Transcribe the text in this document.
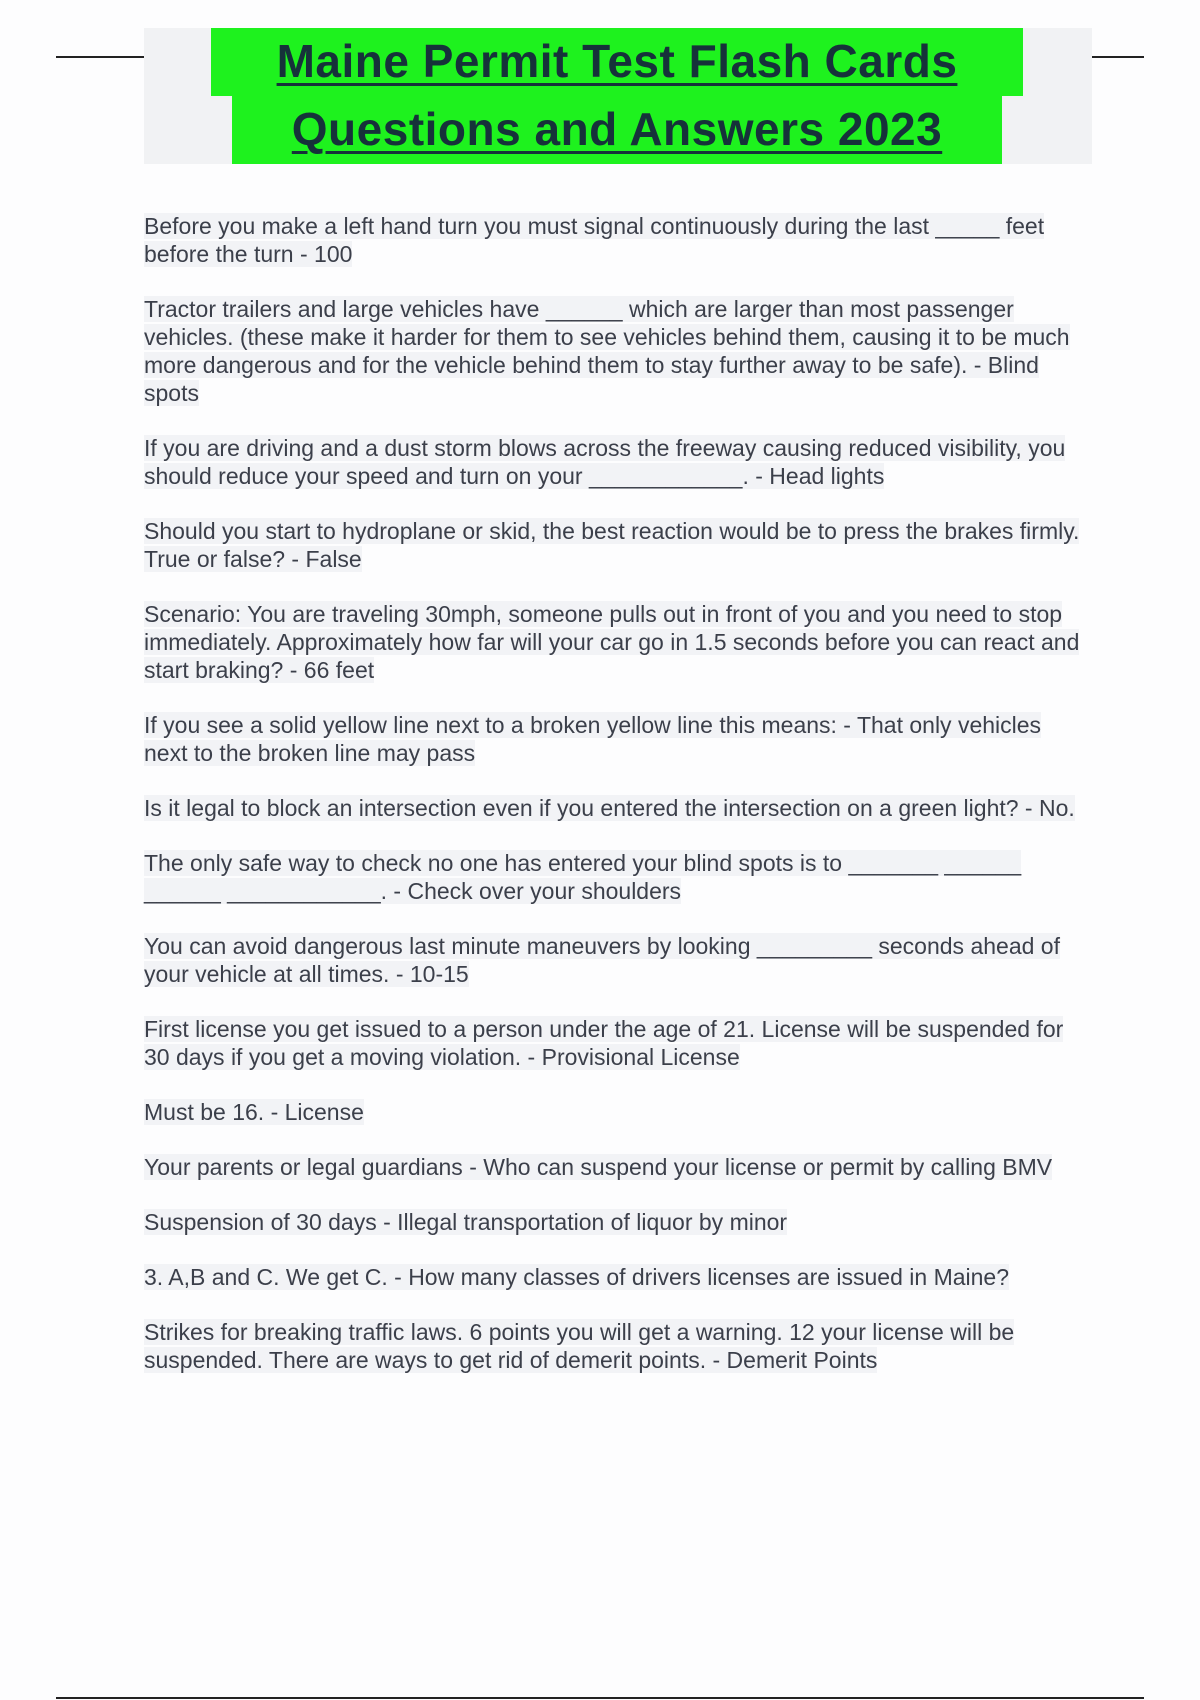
Maine Permit Test Flash Cards
Questions and Answers 2023
Before you make a left hand turn you must signal continuously during the last _____ feet before the turn - 100
Tractor trailers and large vehicles have ______ which are larger than most passenger vehicles. (these make it harder for them to see vehicles behind them, causing it to be much more dangerous and for the vehicle behind them to stay further away to be safe). - Blind spots
If you are driving and a dust storm blows across the freeway causing reduced visibility, you should reduce your speed and turn on your ____________. - Head lights
Should you start to hydroplane or skid, the best reaction would be to press the brakes firmly. True or false? - False
Scenario: You are traveling 30mph, someone pulls out in front of you and you need to stop immediately. Approximately how far will your car go in 1.5 seconds before you can react and start braking? - 66 feet
If you see a solid yellow line next to a broken yellow line this means: - That only vehicles next to the broken line may pass
Is it legal to block an intersection even if you entered the intersection on a green light? - No.
The only safe way to check no one has entered your blind spots is to _______ ______ ______ ____________. - Check over your shoulders
You can avoid dangerous last minute maneuvers by looking _________ seconds ahead of your vehicle at all times. - 10-15
First license you get issued to a person under the age of 21. License will be suspended for 30 days if you get a moving violation. - Provisional License
Must be 16. - License
Your parents or legal guardians - Who can suspend your license or permit by calling BMV
Suspension of 30 days - Illegal transportation of liquor by minor
3. A,B and C. We get C. - How many classes of drivers licenses are issued in Maine?
Strikes for breaking traffic laws. 6 points you will get a warning. 12 your license will be suspended. There are ways to get rid of demerit points. - Demerit Points
